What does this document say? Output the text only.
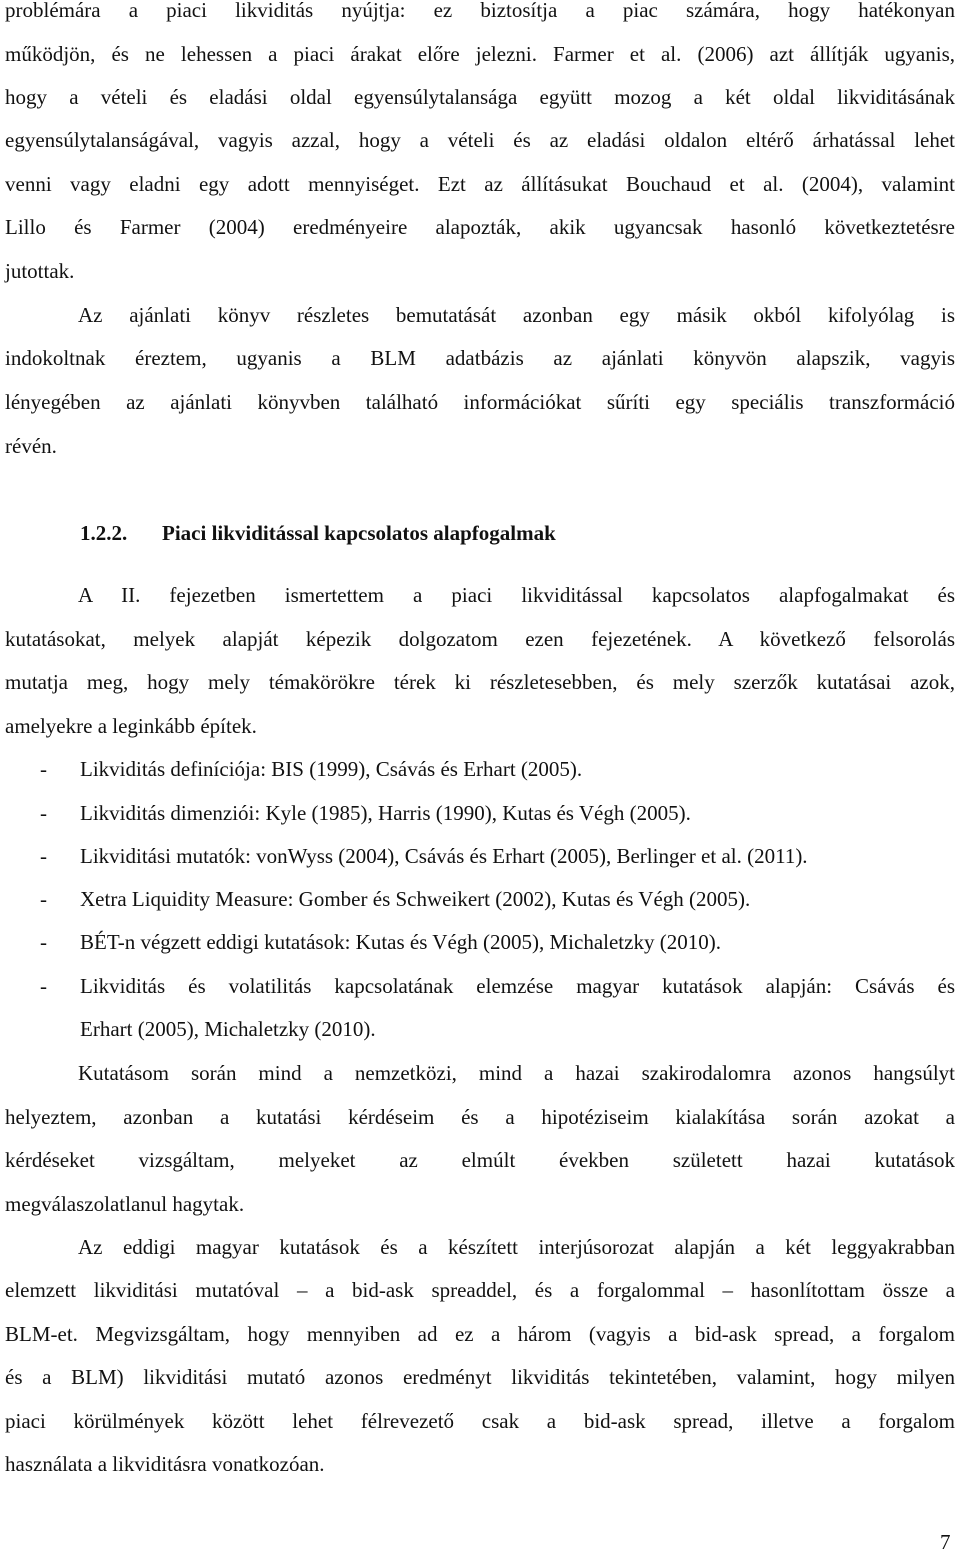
problémára a piaci likviditás nyújtja: ez biztosítja a piac számára, hogy hatékonyan
működjön, és ne lehessen a piaci árakat előre jelezni. Farmer et al. (2006) azt állítják ugyanis,
hogy a vételi és eladási oldal egyensúlytalansága együtt mozog a két oldal likviditásának
egyensúlytalanságával, vagyis azzal, hogy a vételi és az eladási oldalon eltérő árhatással lehet
venni vagy eladni egy adott mennyiséget. Ezt az állításukat Bouchaud et al. (2004), valamint
Lillo és Farmer (2004) eredményeire alapozták, akik ugyancsak hasonló következtetésre
jutottak.
Az ajánlati könyv részletes bemutatását azonban egy másik okból kifolyólag is
indokoltnak éreztem, ugyanis a BLM adatbázis az ajánlati könyvön alapszik, vagyis
lényegében az ajánlati könyvben található információkat sűríti egy speciális transzformáció
révén.
1.2.2. Piaci likviditással kapcsolatos alapfogalmak
A II. fejezetben ismertettem a piaci likviditással kapcsolatos alapfogalmakat és
kutatásokat, melyek alapját képezik dolgozatom ezen fejezetének. A következő felsorolás
mutatja meg, hogy mely témakörökre térek ki részletesebben, és mely szerzők kutatásai azok,
amelyekre a leginkább építek.
- Likviditás definíciója: BIS (1999), Csávás és Erhart (2005).
- Likviditás dimenziói: Kyle (1985), Harris (1990), Kutas és Végh (2005).
- Likviditási mutatók: vonWyss (2004), Csávás és Erhart (2005), Berlinger et al. (2011).
- Xetra Liquidity Measure: Gomber és Schweikert (2002), Kutas és Végh (2005).
- BÉT-n végzett eddigi kutatások: Kutas és Végh (2005), Michaletzky (2010).
- Likviditás és volatilitás kapcsolatának elemzése magyar kutatások alapján: Csávás és
Erhart (2005), Michaletzky (2010).
Kutatásom során mind a nemzetközi, mind a hazai szakirodalomra azonos hangsúlyt
helyeztem, azonban a kutatási kérdéseim és a hipotéziseim kialakítása során azokat a
kérdéseket vizsgáltam, melyeket az elmúlt években született hazai kutatások
megválaszolatlanul hagytak.
Az eddigi magyar kutatások és a készített interjúsorozat alapján a két leggyakrabban
elemzett likviditási mutatóval – a bid-ask spreaddel, és a forgalommal – hasonlítottam össze a
BLM-et. Megvizsgáltam, hogy mennyiben ad ez a három (vagyis a bid-ask spread, a forgalom
és a BLM) likviditási mutató azonos eredményt likviditás tekintetében, valamint, hogy milyen
piaci körülmények között lehet félrevezető csak a bid-ask spread, illetve a forgalom
használata a likviditásra vonatkozóan.
7
